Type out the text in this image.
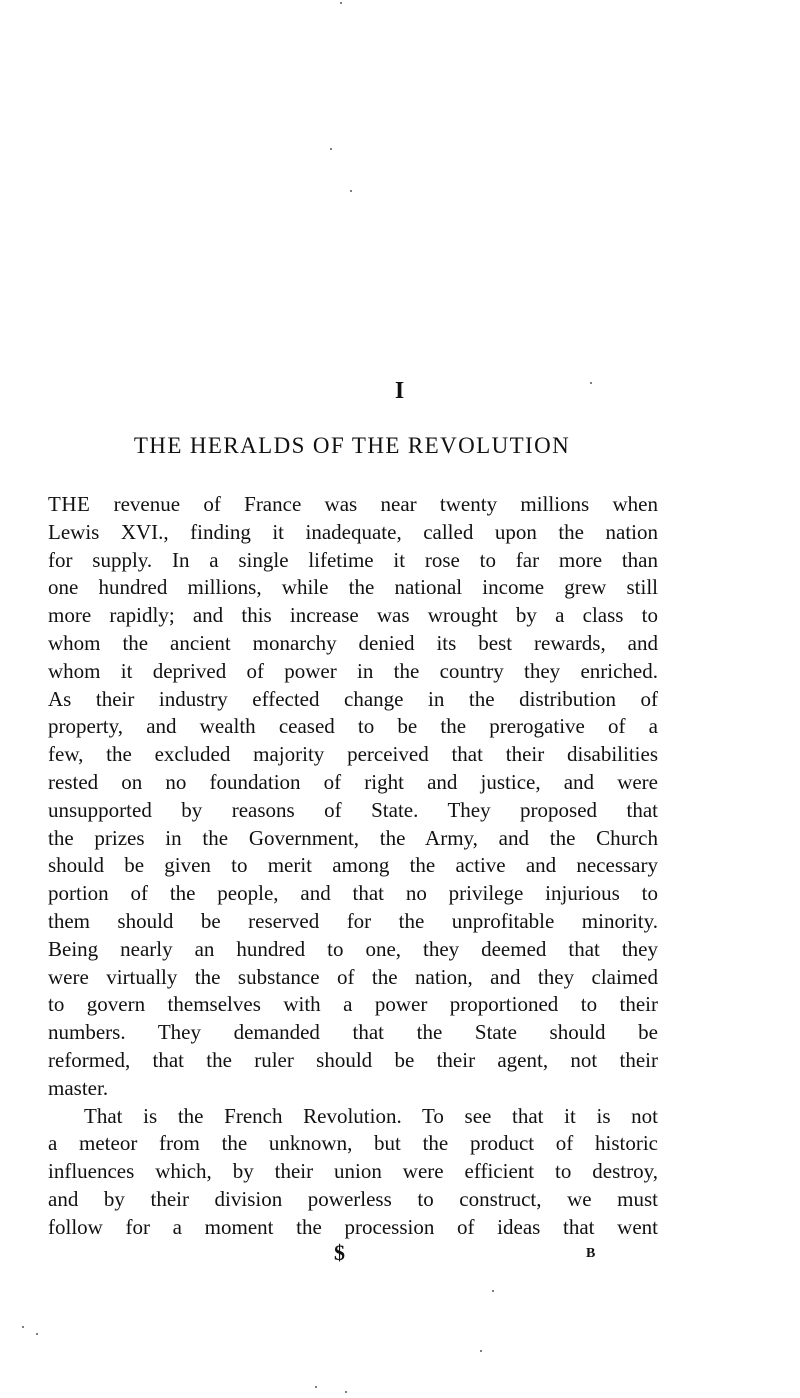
I
THE HERALDS OF THE REVOLUTION
THE revenue of France was near twenty millions when
Lewis XVI., finding it inadequate, called upon the nation
for supply. In a single lifetime it rose to far more than
one hundred millions, while the national income grew still
more rapidly; and this increase was wrought by a class to
whom the ancient monarchy denied its best rewards, and
whom it deprived of power in the country they enriched.
As their industry effected change in the distribution of
property, and wealth ceased to be the prerogative of a
few, the excluded majority perceived that their disabilities
rested on no foundation of right and justice, and were
unsupported by reasons of State. They proposed that
the prizes in the Government, the Army, and the Church
should be given to merit among the active and necessary
portion of the people, and that no privilege injurious to
them should be reserved for the unprofitable minority.
Being nearly an hundred to one, they deemed that they
were virtually the substance of the nation, and they claimed
to govern themselves with a power proportioned to their
numbers. They demanded that the State should be
reformed, that the ruler should be their agent, not their
master.
That is the French Revolution. To see that it is not
a meteor from the unknown, but the product of historic
influences which, by their union were efficient to destroy,
and by their division powerless to construct, we must
follow for a moment the procession of ideas that went
$	B
